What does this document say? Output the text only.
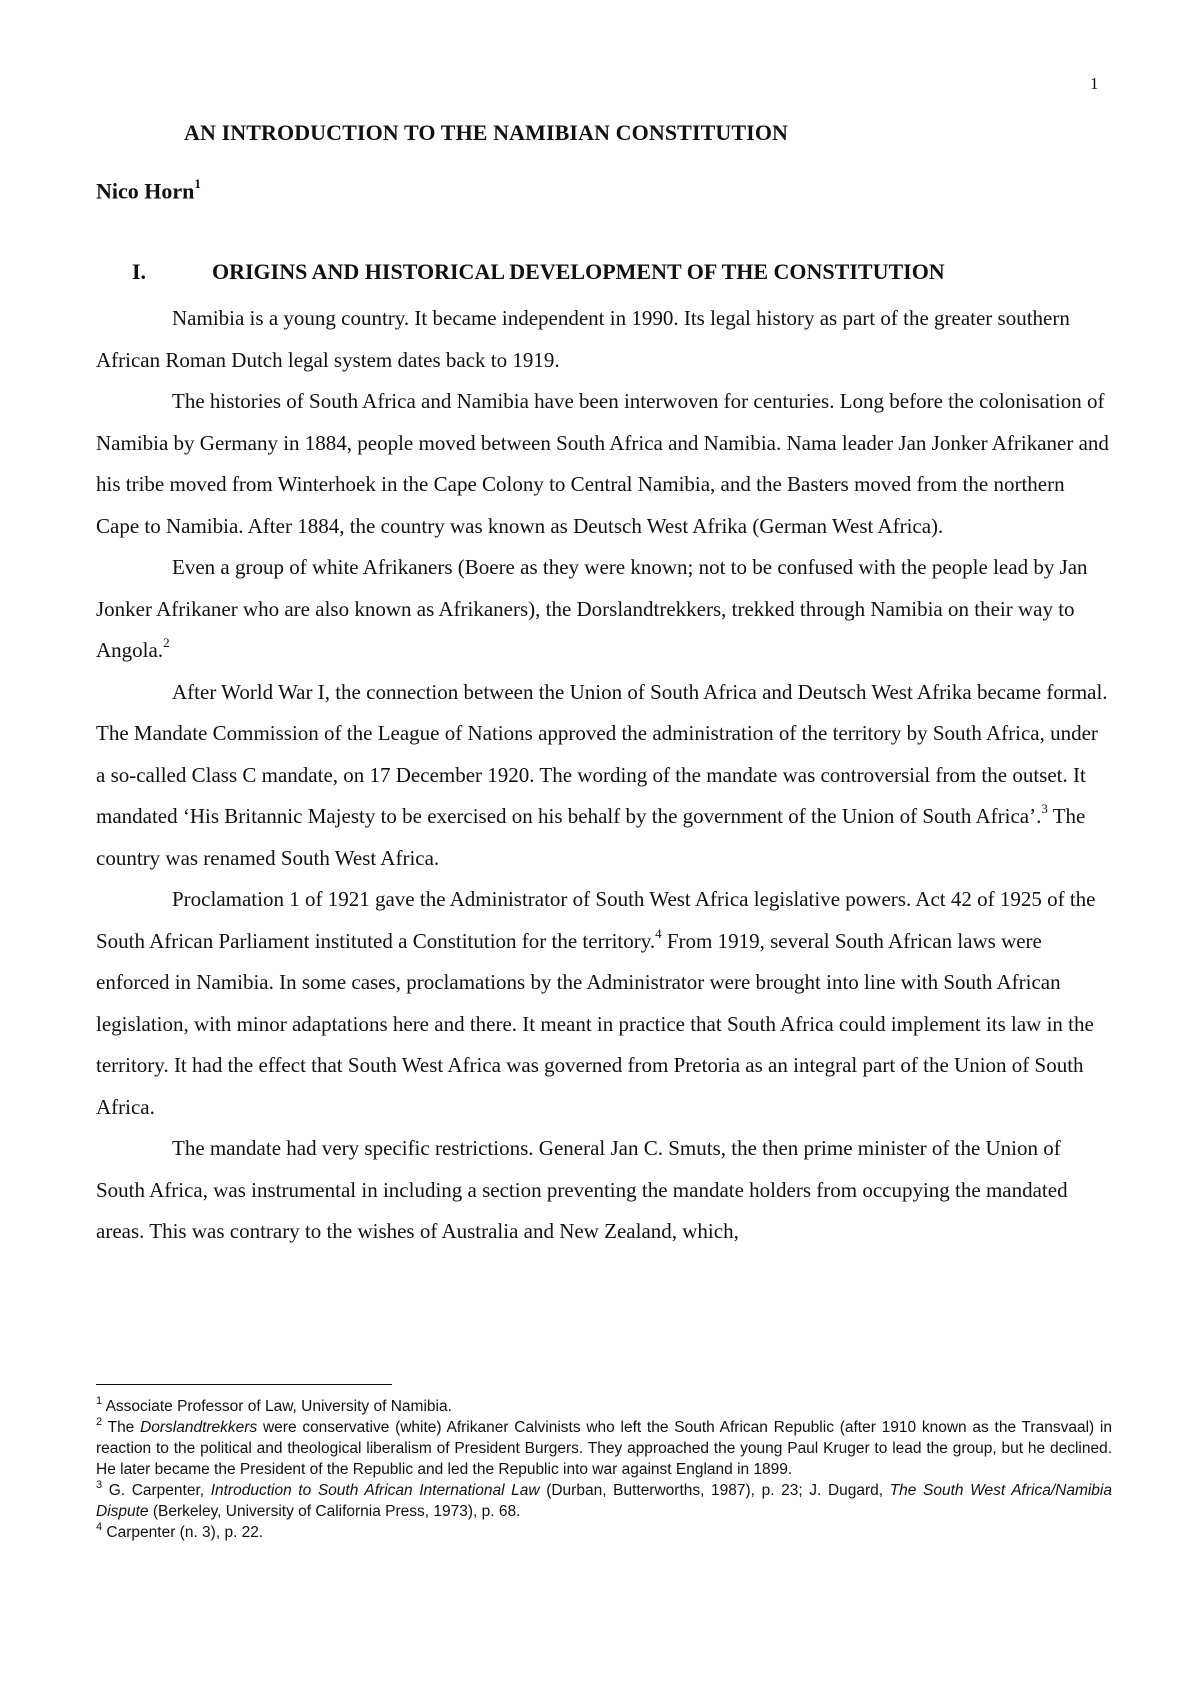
1
AN INTRODUCTION TO THE NAMIBIAN CONSTITUTION
Nico Horn$^1$
I.	ORIGINS AND HISTORICAL DEVELOPMENT OF THE CONSTITUTION

Namibia is a young country. It became independent in 1990. Its legal history as part of the greater southern African Roman Dutch legal system dates back to 1919.

The histories of South Africa and Namibia have been interwoven for centuries. Long before the colonisation of Namibia by Germany in 1884, people moved between South Africa and Namibia. Nama leader Jan Jonker Afrikaner and his tribe moved from Winterhoek in the Cape Colony to Central Namibia, and the Basters moved from the northern Cape to Namibia. After 1884, the country was known as Deutsch West Afrika (German West Africa).

Even a group of white Afrikaners (Boere as they were known; not to be confused with the people lead by Jan Jonker Afrikaner who are also known as Afrikaners), the Dorslandtrekkers, trekked through Namibia on their way to Angola.$^2$

After World War I, the connection between the Union of South Africa and Deutsch West Afrika became formal. The Mandate Commission of the League of Nations approved the administration of the territory by South Africa, under a so-called Class C mandate, on 17 December 1920. The wording of the mandate was controversial from the outset. It mandated ‘His Britannic Majesty to be exercised on his behalf by the government of the Union of South Africa’.$^3$ The country was renamed South West Africa.

Proclamation 1 of 1921 gave the Administrator of South West Africa legislative powers. Act 42 of 1925 of the South African Parliament instituted a Constitution for the territory.$^4$ From 1919, several South African laws were enforced in Namibia. In some cases, proclamations by the Administrator were brought into line with South African legislation, with minor adaptations here and there. It meant in practice that South Africa could implement its law in the territory. It had the effect that South West Africa was governed from Pretoria as an integral part of the Union of South Africa.

The mandate had very specific restrictions. General Jan C. Smuts, the then prime minister of the Union of South Africa, was instrumental in including a section preventing the mandate holders from occupying the mandated areas. This was contrary to the wishes of Australia and New Zealand, which,

$^1$ Associate Professor of Law, University of Namibia.

$^2$ The Dorslandtrekkers were conservative (white) Afrikaner Calvinists who left the South African Republic (after 1910 known as the Transvaal) in reaction to the political and theological liberalism of President Burgers. They approached the young Paul Kruger to lead the group, but he declined. He later became the President of the Republic and led the Republic into war against England in 1899.

$^3$ G. Carpenter, Introduction to South African International Law (Durban, Butterworths, 1987), p. 23; J. Dugard, The South West Africa/Namibia Dispute (Berkeley, University of California Press, 1973), p. 68.

$^4$ Carpenter (n. 3), p. 22.
